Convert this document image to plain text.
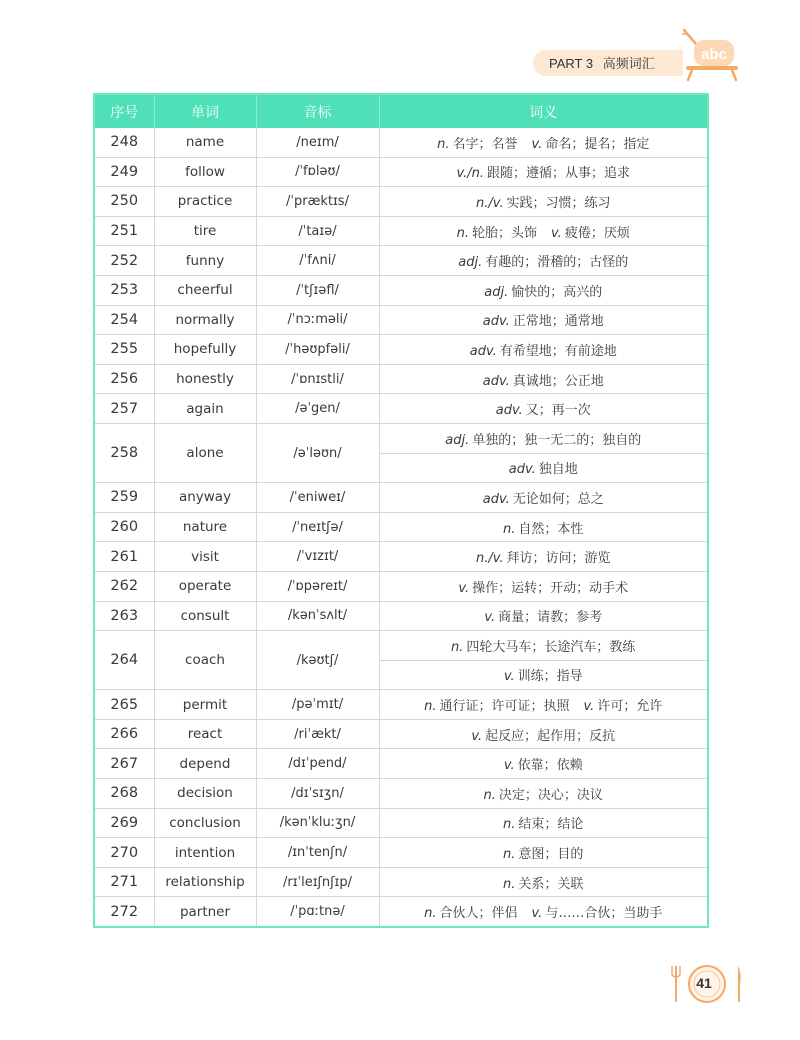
PART 3 高频词汇
abc
序号	单词	音标	词义
248	name	/neɪm/	n. 名字；名誉 v. 命名；提名；指定
249	follow	/ˈfɒləʊ/	v./n. 跟随；遵循；从事；追求
250	practice	/ˈpræktɪs/	n./v. 实践；习惯；练习
251	tire	/ˈtaɪə/	n. 轮胎；头饰 v. 疲倦；厌烦
252	funny	/ˈfʌni/	adj. 有趣的；滑稽的；古怪的
253	cheerful	/ˈtʃɪəfl/	adj. 愉快的；高兴的
254	normally	/ˈnɔːməli/	adv. 正常地；通常地
255	hopefully	/ˈhəʊpfəli/	adv. 有希望地；有前途地
256	honestly	/ˈɒnɪstli/	adv. 真诚地；公正地
257	again	/əˈgen/	adv. 又；再一次
258	alone	/əˈləʊn/	adj. 单独的；独一无二的；独自的
			adv. 独自地
259	anyway	/ˈeniweɪ/	adv. 无论如何；总之
260	nature	/ˈneɪtʃə/	n. 自然；本性
261	visit	/ˈvɪzɪt/	n./v. 拜访；访问；游览
262	operate	/ˈɒpəreɪt/	v. 操作；运转；开动；动手术
263	consult	/kənˈsʌlt/	v. 商量；请教；参考
264	coach	/kəʊtʃ/	n. 四轮大马车；长途汽车；教练
			v. 训练；指导
265	permit	/pəˈmɪt/	n. 通行证；许可证；执照 v. 许可；允许
266	react	/riˈækt/	v. 起反应；起作用；反抗
267	depend	/dɪˈpend/	v. 依靠；依赖
268	decision	/dɪˈsɪʒn/	n. 决定；决心；决议
269	conclusion	/kənˈkluːʒn/	n. 结束；结论
270	intention	/ɪnˈtenʃn/	n. 意图；目的
271	relationship	/rɪˈleɪʃnʃɪp/	n. 关系；关联
272	partner	/ˈpɑːtnə/	n. 合伙人；伴侣 v. 与……合伙；当助手
41
